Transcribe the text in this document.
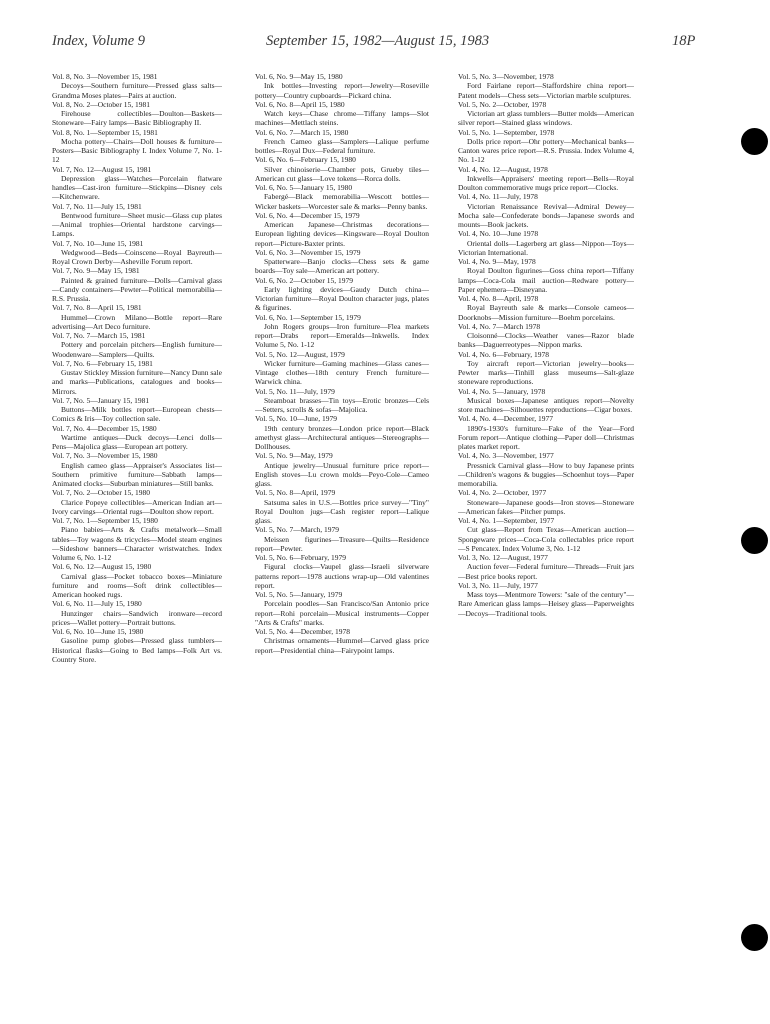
Index, Volume 9	September 15, 1982—August 15, 1983	18P
Vol. 8, No. 3—November 15, 1981
Decoys—Southern furniture—Pressed glass salts—Grandma Moses plates—Pairs at auction.
Vol. 8, No. 2—October 15, 1981
Firehouse collectibles—Doulton—Baskets—Stoneware—Fairy lamps—Basic Bibliography II.
Vol. 8, No. 1—September 15, 1981
Mocha pottery—Chairs—Doll houses & furniture—Posters—Basic Bibliography I. Index Volume 7, No. 1-12
Vol. 7, No. 12—August 15, 1981
Depression glass—Watches—Porcelain flatware handles—Cast-iron furniture—Stickpins—Disney cels—Kitchenware.
Vol. 7, No. 11—July 15, 1981
Bentwood furniture—Sheet music—Glass cup plates—Animal trophies—Oriental hardstone carvings—Lamps.
Vol. 7, No. 10—June 15, 1981
Wedgwood—Beds—Coinscene—Royal Bayreuth—Royal Crown Derby—Asheville Forum report.
Vol. 7, No. 9—May 15, 1981
Painted & grained furniture—Dolls—Carnival glass—Candy containers—Pewter—Political memorabilia—R.S. Prussia.
Vol. 7, No. 8—April 15, 1981
Hummel—Crown Milano—Bottle report—Rare advertising—Art Deco furniture.
Vol. 7, No. 7—March 15, 1981
Pottery and porcelain pitchers—English furniture—Woodenware—Samplers—Quilts.
Vol. 7, No. 6—February 15, 1981
Gustav Stickley Mission furniture—Nancy Dunn sale and marks—Publications, catalogues and books—Mirrors.
Vol. 7, No. 5—January 15, 1981
Buttons—Milk bottles report—European chests—Comics & Iris—Toy collection sale.
Vol. 7, No. 4—December 15, 1980
Wartime antiques—Duck decoys—Lenci dolls—Pens—Majolica glass—European art pottery.
Vol. 7, No. 3—November 15, 1980
English cameo glass—Appraiser's Associates list—Southern primitive furniture—Sabbath lamps—Animated clocks—Suburban miniatures—Still banks.
Vol. 7, No. 2—October 15, 1980
Clarice Popeye collectibles—American Indian art—Ivory carvings—Oriental rugs—Doulton show report.
Vol. 7, No. 1—September 15, 1980
Piano babies—Arts & Crafts metalwork—Small tables—Toy wagons & tricycles—Model steam engines—Sideshow banners—Character wristwatches. Index Volume 6, No. 1-12
Vol. 6, No. 12—August 15, 1980
Carnival glass—Pocket tobacco boxes—Miniature furniture and rooms—Soft drink collectibles—American hooked rugs.
Vol. 6, No. 11—July 15, 1980
Hunzinger chairs—Sandwich ironware—record prices—Wallet pottery—Portrait buttons.
Vol. 6, No. 10—June 15, 1980
Gasoline pump globes—Pressed glass tumblers—Historical flasks—Going to Bed lamps—Folk Art vs. Country Store.
Vol. 6, No. 9—May 15, 1980
Ink bottles—Investing report—Jewelry—Roseville pottery—Country cupboards—Pickard china.
Vol. 6, No. 8—April 15, 1980
Watch keys—Chase chrome—Tiffany lamps—Slot machines—Mettlach steins.
Vol. 6, No. 7—March 15, 1980
French Cameo glass—Samplers—Lalique perfume bottles—Royal Dux—Federal furniture.
Vol. 6, No. 6—February 15, 1980
Silver chinoiserie—Chamber pots, Grueby tiles—American cut glass—Love tokens—Rorca dolls.
Vol. 6, No. 5—January 15, 1980
Fabergé—Black memorabilia—Wescott bottles—Wicker baskets—Worcester sale & marks—Penny banks.
Vol. 6, No. 4—December 15, 1979
American Japanese—Christmas decorations—European lighting devices—Kingsware—Royal Doulton report—Picture-Baxter prints.
Vol. 6, No. 3—November 15, 1979
Spatterware—Banjo clocks—Chess sets & game boards—Toy sale—American art pottery.
Vol. 6, No. 2—October 15, 1979
Early lighting devices—Gaudy Dutch china—Victorian furniture—Royal Doulton character jugs, plates & figurines.
Vol. 6, No. 1—September 15, 1979
John Rogers groups—Iron furniture—Flea markets report—Drabs report—Emeralds—Inkwells. Index Volume 5, No. 1-12
Vol. 5, No. 12—August, 1979
Wicker furniture—Gaming machines—Glass canes—Vintage clothes—18th century French furniture—Warwick china.
Vol. 5, No. 11—July, 1979
Steamboat brasses—Tin toys—Erotic bronzes—Cels—Setters, scrolls & sofas—Majolica.
Vol. 5, No. 10—June, 1979
19th century bronzes—London price report—Black amethyst glass—Architectural antiques—Stereographs—Dollhouses.
Vol. 5, No. 9—May, 1979
Antique jewelry—Unusual furniture price report—English stoves—Lu crown molds—Peyo-Cole—Cameo glass.
Vol. 5, No. 8—April, 1979
Satsuma sales in U.S.—Bottles price survey—"Tiny" Royal Doulton jugs—Cash register report—Lalique glass.
Vol. 5, No. 7—March, 1979
Meissen figurines—Treasure—Quilts—Residence report—Pewter.
Vol. 5, No. 6—February, 1979
Figural clocks—Vaupel glass—Israeli silverware patterns report—1978 auctions wrap-up—Old valentines report.
Vol. 5, No. 5—January, 1979
Porcelain poodles—San Francisco/San Antonio price report—Rohi porcelain—Musical instruments—Copper "Arts & Crafts" marks.
Vol. 5, No. 4—December, 1978
Christmas ornaments—Hummel—Carved glass price report—Presidential china—Fairypoint lamps.
Vol. 5, No. 3—November, 1978
Ford Fairlane report—Staffordshire china report—Patent models—Chess sets—Victorian marble sculptures.
Vol. 5, No. 2—October, 1978
Victorian art glass tumblers—Butter molds—American silver report—Stained glass windows.
Vol. 5, No. 1—September, 1978
Dolls price report—Ohr pottery—Mechanical banks—Canton wares price report—R.S. Prussia. Index Volume 4, No. 1-12
Vol. 4, No. 12—August, 1978
Inkwells—Appraisers' meeting report—Bells—Royal Doulton commemorative mugs price report—Clocks.
Vol. 4, No. 11—July, 1978
Victorian Renaissance Revival—Admiral Dewey—Mocha sale—Confederate bonds—Japanese swords and mounts—Book jackets.
Vol. 4, No. 10—June 1978
Oriental dolls—Lagerberg art glass—Nippon—Toys—Victorian International.
Vol. 4, No. 9—May, 1978
Royal Doulton figurines—Goss china report—Tiffany lamps—Coca-Cola mail auction—Redware pottery—Paper ephemera—Disneyana.
Vol. 4, No. 8—April, 1978
Royal Bayreuth sale & marks—Console cameos—Doorknobs—Mission furniture—Boehm porcelains.
Vol. 4, No. 7—March 1978
Cloisonné—Clocks—Weather vanes—Razor blade banks—Daguerreotypes—Nippon marks.
Vol. 4, No. 6—February, 1978
Toy aircraft report—Victorian jewelry—books—Pewter marks—Tinhill glass museums—Salt-glaze stoneware reproductions.
Vol. 4, No. 5—January, 1978
Musical boxes—Japanese antiques report—Novelty store machines—Silhouettes reproductions—Cigar boxes.
Vol. 4, No. 4—December, 1977
1890's-1930's furniture—Fake of the Year—Ford Forum report—Antique clothing—Paper doll—Christmas plates market report.
Vol. 4, No. 3—November, 1977
Pressnick Carnival glass—How to buy Japanese prints—Children's wagons & buggies—Schoenhut toys—Paper memorabilia.
Vol. 4, No. 2—October, 1977
Stoneware—Japanese goods—Iron stoves—Stoneware—American fakes—Pitcher pumps.
Vol. 4, No. 1—September, 1977
Cut glass—Report from Texas—American auction—Spongeware prices—Coca-Cola collectables price report—S Pencatex. Index Volume 3, No. 1-12
Vol. 3, No. 12—August, 1977
Auction fever—Federal furniture—Threads—Fruit jars—Best price books report.
Vol. 3, No. 11—July, 1977
Mass toys—Mentmore Towers: "sale of the century"—Rare American glass lamps—Heisey glass—Paperweights—Decoys—Traditional tools.
